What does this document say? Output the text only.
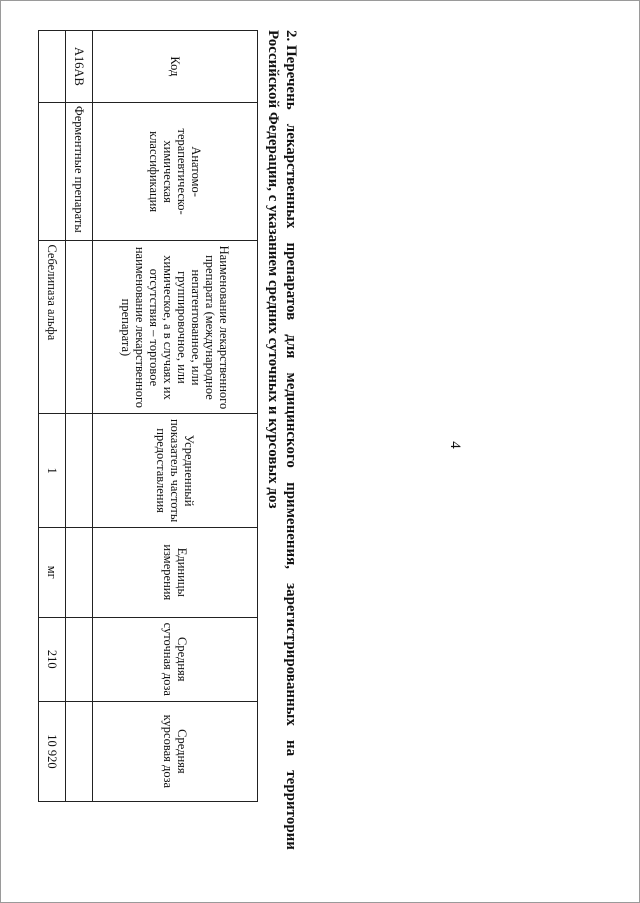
4
2. Перечень
лекарственных
препаратов
для
медицинского
применения,
зарегистрированных
на
территории
Российской Федерации, с указанием средних суточных и курсовых доз
Код	Анатомо-терапевтическо-химическая классификация	Наименование лекарственного препарата (международное непатентованное, или группировочное, или химическое, а в случаях их отсутствия – торговое наименование лекарственного препарата)	Усредненный показатель частоты предоставления	Единицы измерения	Средняя суточная доза	Средняя курсовая доза
A16AB	Ферментные препараты					
		Себелипаза альфа	1	мг	210	10 920
